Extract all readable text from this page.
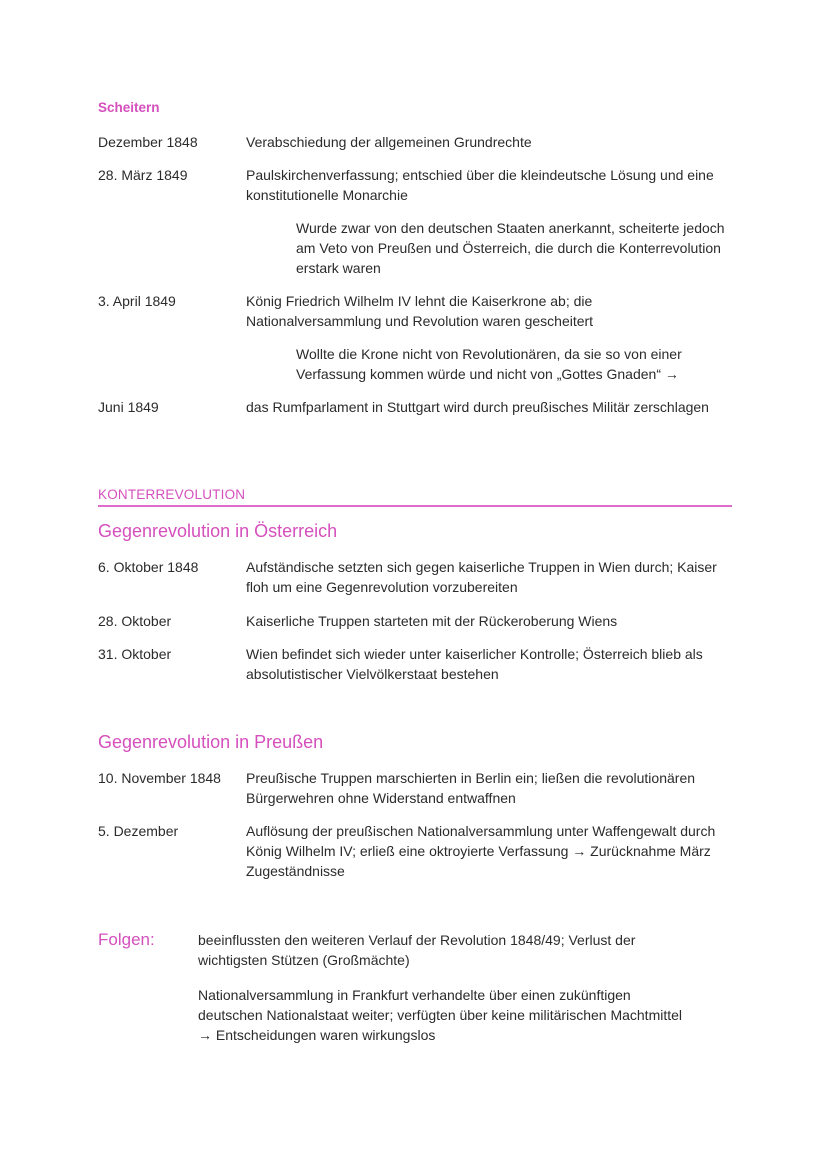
Scheitern
Dezember 1848	Verabschiedung der allgemeinen Grundrechte
28. März 1849	Paulskirchenverfassung; entschied über die kleindeutsche Lösung und eine konstitutionelle Monarchie
Wurde zwar von den deutschen Staaten anerkannt, scheiterte jedoch am Veto von Preußen und Österreich, die durch die Konterrevolution erstark waren
3. April 1849	König Friedrich Wilhelm IV lehnt die Kaiserkrone ab; die Nationalversammlung und Revolution waren gescheitert
Wollte die Krone nicht von Revolutionären, da sie so von einer Verfassung kommen würde und nicht von „Gottes Gnaden“ →
Juni 1849	das Rumfparlament in Stuttgart wird durch preußisches Militär zerschlagen
KONTERREVOLUTION
Gegenrevolution in Österreich
6. Oktober 1848	Aufständische setzten sich gegen kaiserliche Truppen in Wien durch; Kaiser floh um eine Gegenrevolution vorzubereiten
28. Oktober	Kaiserliche Truppen starteten mit der Rückeroberung Wiens
31. Oktober	Wien befindet sich wieder unter kaiserlicher Kontrolle; Österreich blieb als absolutistischer Vielvölkerstaat bestehen
Gegenrevolution in Preußen
10. November 1848	Preußische Truppen marschierten in Berlin ein; ließen die revolutionären Bürgerwehren ohne Widerstand entwaffnen
5. Dezember	Auflösung der preußischen Nationalversammlung unter Waffengewalt durch König Wilhelm IV; erließ eine oktroyierte Verfassung → Zurücknahme März Zugeständnisse
Folgen:	beeinflussten den weiteren Verlauf der Revolution 1848/49; Verlust der wichtigsten Stützen (Großmächte)
Nationalversammlung in Frankfurt verhandelte über einen zukünftigen deutschen Nationalstaat weiter; verfügten über keine militärischen Machtmittel → Entscheidungen waren wirkungslos
